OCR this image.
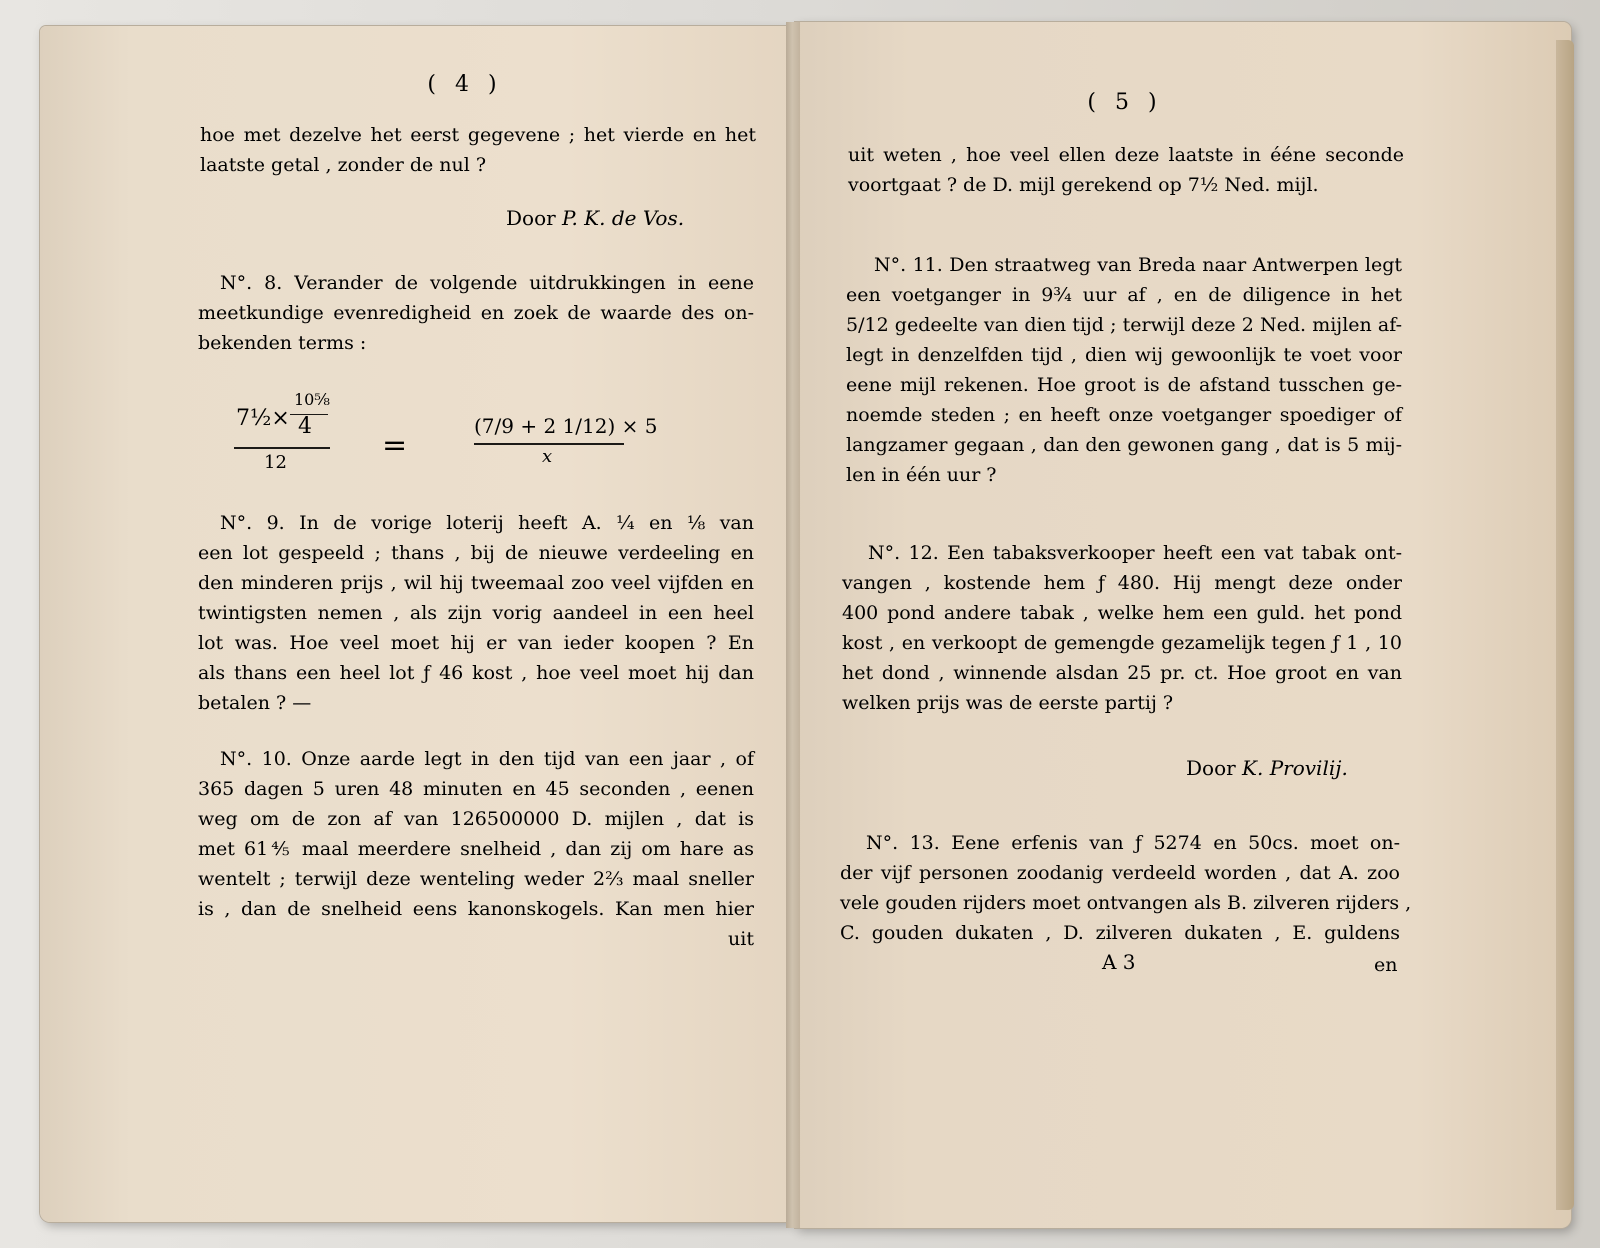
( 4 )
hoe met dezelve het eerst gegevene ; het vierde en het
laatste getal , zonder de nul ?
Door P. K. de Vos.
N°. 8. Verander de volgende uitdrukkingen in eene
meetkundige evenredigheid en zoek de waarde des on-
bekenden terms :
7½×
10⅝
4
12	=
(7/9 + 2 1/12) × 5
x
N°. 9. In de vorige loterij heeft A. ¼ en ⅛ van
een lot gespeeld ; thans , bij de nieuwe verdeeling en
den minderen prijs , wil hij tweemaal zoo veel vijfden en
twintigsten nemen , als zijn vorig aandeel in een heel
lot was. Hoe veel moet hij er van ieder koopen ? En
als thans een heel lot ƒ 46 kost , hoe veel moet hij dan
betalen ? —
N°. 10. Onze aarde legt in den tijd van een jaar , of
365 dagen 5 uren 48 minuten en 45 seconden , eenen
weg om de zon af van 126500000 D. mijlen , dat is
met 61⅘ maal meerdere snelheid , dan zij om hare as
wentelt ; terwijl deze wenteling weder 2⅔ maal sneller
is , dan de snelheid eens kanonskogels. Kan men hier
uit
( 5 )
uit weten , hoe veel ellen deze laatste in ééne seconde
voortgaat ? de D. mijl gerekend op 7½ Ned. mijl.
N°. 11. Den straatweg van Breda naar Antwerpen legt
een voetganger in 9¾ uur af , en de diligence in het
5/12 gedeelte van dien tijd ; terwijl deze 2 Ned. mijlen af-
legt in denzelfden tijd , dien wij gewoonlijk te voet voor
eene mijl rekenen. Hoe groot is de afstand tusschen ge-
noemde steden ; en heeft onze voetganger spoediger of
langzamer gegaan , dan den gewonen gang , dat is 5 mij-
len in één uur ?
N°. 12. Een tabaksverkooper heeft een vat tabak ont-
vangen , kostende hem ƒ 480. Hij mengt deze onder
400 pond andere tabak , welke hem een guld. het pond
kost , en verkoopt de gemengde gezamelijk tegen ƒ 1 , 10
het dond , winnende alsdan 25 pr. ct. Hoe groot en van
welken prijs was de eerste partij ?
Door K. Provilij.
N°. 13. Eene erfenis van ƒ 5274 en 50cs. moet on-
der vijf personen zoodanig verdeeld worden , dat A. zoo
vele gouden rijders moet ontvangen als B. zilveren rijders ,
C. gouden dukaten , D. zilveren dukaten , E. guldens
A 3	en
